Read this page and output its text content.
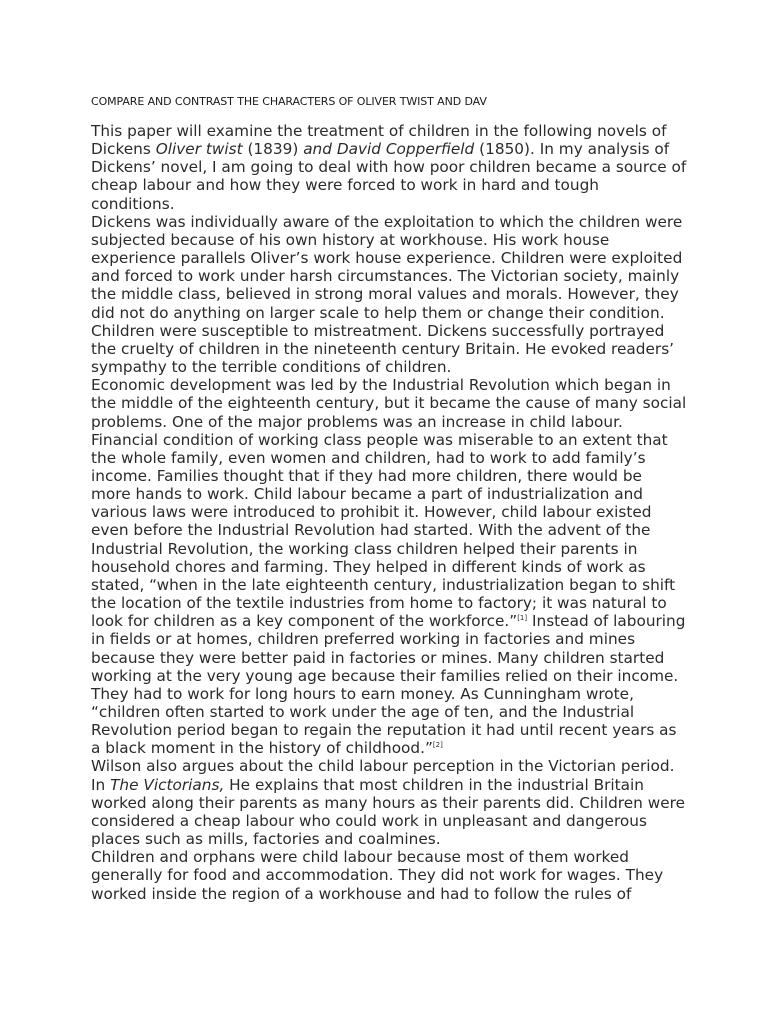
COMPARE AND CONTRAST THE CHARACTERS OF OLIVER TWIST AND DAV

This paper will examine the treatment of children in the following novels of
Dickens Oliver twist (1839) and David Copperfield (1850). In my analysis of
Dickens’ novel, I am going to deal with how poor children became a source of
cheap labour and how they were forced to work in hard and tough
conditions.

Dickens was individually aware of the exploitation to which the children were
subjected because of his own history at workhouse. His work house
experience parallels Oliver’s work house experience. Children were exploited
and forced to work under harsh circumstances. The Victorian society, mainly
the middle class, believed in strong moral values and morals. However, they
did not do anything on larger scale to help them or change their condition.
Children were susceptible to mistreatment. Dickens successfully portrayed
the cruelty of children in the nineteenth century Britain. He evoked readers’
sympathy to the terrible conditions of children.

Economic development was led by the Industrial Revolution which began in
the middle of the eighteenth century, but it became the cause of many social
problems. One of the major problems was an increase in child labour.
Financial condition of working class people was miserable to an extent that
the whole family, even women and children, had to work to add family’s
income. Families thought that if they had more children, there would be
more hands to work. Child labour became a part of industrialization and
various laws were introduced to prohibit it. However, child labour existed
even before the Industrial Revolution had started. With the advent of the
Industrial Revolution, the working class children helped their parents in
household chores and farming. They helped in different kinds of work as
stated, “when in the late eighteenth century, industrialization began to shift
the location of the textile industries from home to factory; it was natural to
look for children as a key component of the workforce.”[1] Instead of labouring
in fields or at homes, children preferred working in factories and mines
because they were better paid in factories or mines. Many children started
working at the very young age because their families relied on their income.
They had to work for long hours to earn money. As Cunningham wrote,
“children often started to work under the age of ten, and the Industrial
Revolution period began to regain the reputation it had until recent years as
a black moment in the history of childhood.”[2]

Wilson also argues about the child labour perception in the Victorian period.
In The Victorians, He explains that most children in the industrial Britain
worked along their parents as many hours as their parents did. Children were
considered a cheap labour who could work in unpleasant and dangerous
places such as mills, factories and coalmines.

Children and orphans were child labour because most of them worked
generally for food and accommodation. They did not work for wages. They
worked inside the region of a workhouse and had to follow the rules of
